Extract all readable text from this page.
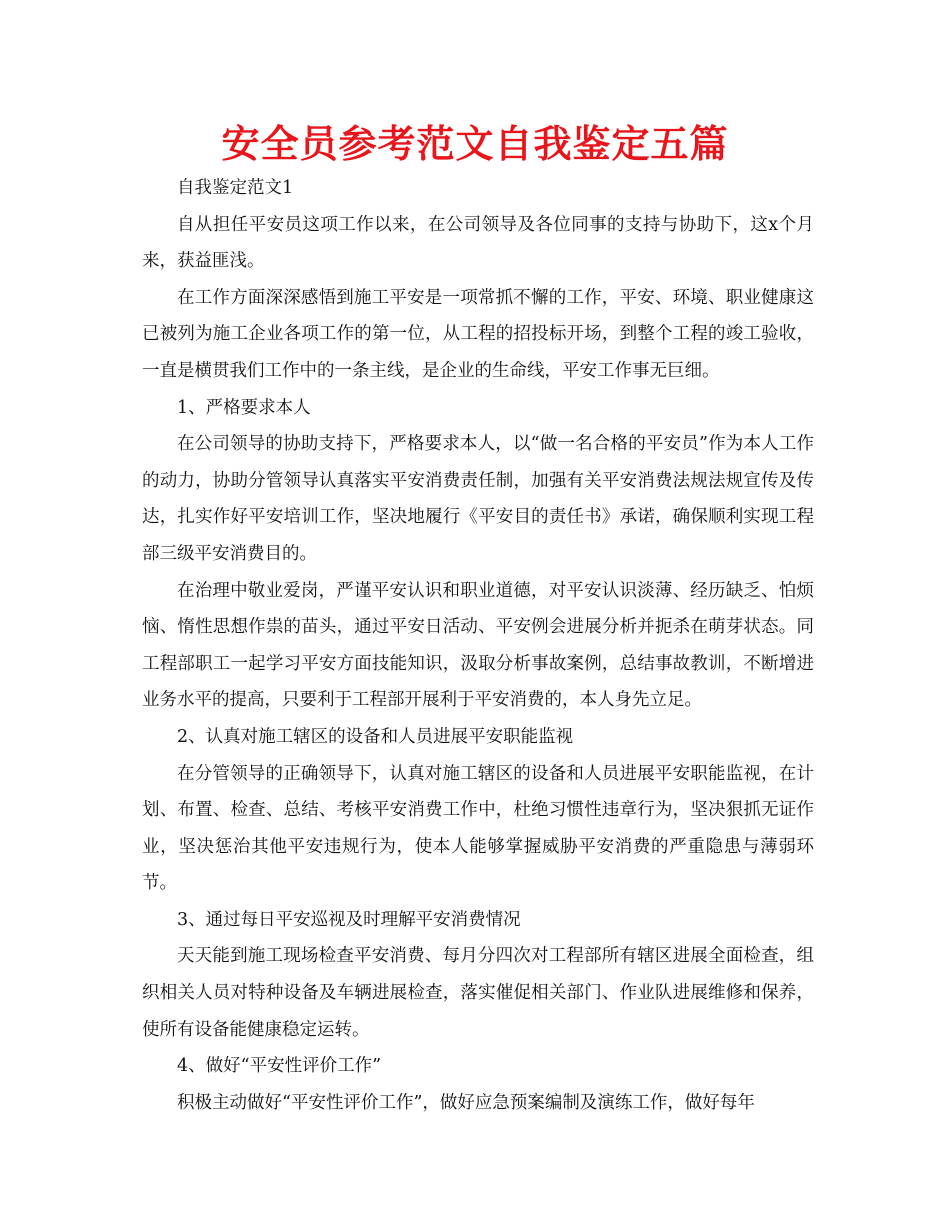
安全员参考范文自我鉴定五篇

自我鉴定范文1

自从担任平安员这项工作以来，在公司领导及各位同事的支持与协助下，这x个月来，获益匪浅。

在工作方面深深感悟到施工平安是一项常抓不懈的工作，平安、环境、职业健康这已被列为施工企业各项工作的第一位，从工程的招投标开场，到整个工程的竣工验收，一直是横贯我们工作中的一条主线，是企业的生命线，平安工作事无巨细。

1、严格要求本人

在公司领导的协助支持下，严格要求本人，以“做一名合格的平安员”作为本人工作的动力，协助分管领导认真落实平安消费责任制，加强有关平安消费法规法规宣传及传达，扎实作好平安培训工作，坚决地履行《平安目的责任书》承诺，确保顺利实现工程部三级平安消费目的。

在治理中敬业爱岗，严谨平安认识和职业道德，对平安认识淡薄、经历缺乏、怕烦恼、惰性思想作祟的苗头，通过平安日活动、平安例会进展分析并扼杀在萌芽状态。同工程部职工一起学习平安方面技能知识，汲取分析事故案例，总结事故教训，不断增进业务水平的提高，只要利于工程部开展利于平安消费的，本人身先立足。

2、认真对施工辖区的设备和人员进展平安职能监视

在分管领导的正确领导下，认真对施工辖区的设备和人员进展平安职能监视，在计划、布置、检查、总结、考核平安消费工作中，杜绝习惯性违章行为，坚决狠抓无证作业，坚决惩治其他平安违规行为，使本人能够掌握威胁平安消费的严重隐患与薄弱环节。

3、通过每日平安巡视及时理解平安消费情况

天天能到施工现场检查平安消费、每月分四次对工程部所有辖区进展全面检查，组织相关人员对特种设备及车辆进展检查，落实催促相关部门、作业队进展维修和保养，使所有设备能健康稳定运转。

4、做好“平安性评价工作”

积极主动做好“平安性评价工作”，做好应急预案编制及演练工作，做好每年
